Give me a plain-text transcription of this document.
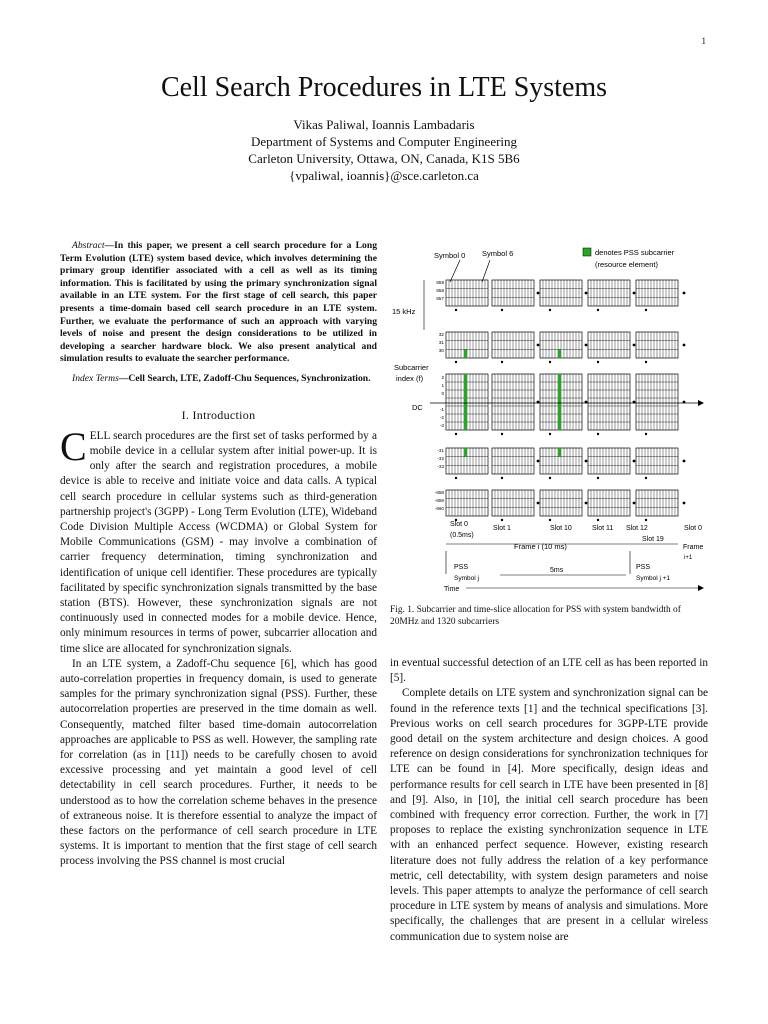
1
Cell Search Procedures in LTE Systems
Vikas Paliwal, Ioannis Lambadaris
Department of Systems and Computer Engineering
Carleton University, Ottawa, ON, Canada, K1S 5B6
{vpaliwal, ioannis}@sce.carleton.ca

Abstract—In this paper, we present a cell search procedure for a Long Term Evolution (LTE) system based device, which involves determining the primary group identifier associated with a cell as well as its timing information. This is facilitated by using the primary synchronization signal available in an LTE system. For the first stage of cell search, this paper presents a time-domain based cell search procedure in an LTE system. Further, we evaluate the performance of such an approach with varying levels of noise and present the design considerations to be utilized in developing a searcher hardware block. We also present analytical and simulation results to evaluate the searcher performance.

Index Terms—Cell Search, LTE, Zadoff-Chu Sequences, Synchronization.

I. Introduction

CELL search procedures are the first set of tasks performed by a mobile device in a cellular system after initial power-up. It is only after the search and registration procedures, a mobile device is able to receive and initiate voice and data calls. A typical cell search procedure in cellular systems such as third-generation partnership project's (3GPP) - Long Term Evolution (LTE), Wideband Code Division Multiple Access (WCDMA) or Global System for Mobile Communications (GSM) - may involve a combination of carrier frequency determination, timing synchronization and identification of unique cell identifier. These procedures are typically facilitated by specific synchronization signals transmitted by the base station (BTS). However, these synchronization signals are not continuously used in connected modes for a mobile device. Hence, only minimum resources in terms of power, subcarrier allocation and time slice are allocated for synchronization signals.

In an LTE system, a Zadoff-Chu sequence [6], which has good auto-correlation properties in frequency domain, is used to generate samples for the primary synchronization signal (PSS). Further, these autocorrelation properties are preserved in the time domain as well. Consequently, matched filter based time-domain autocorrelation approaches are applicable to PSS as well. However, the sampling rate for correlation (as in [11]) needs to be carefully chosen to avoid excessive processing and yet maintain a good level of cell detectability in cell search procedures. Further, it needs to be understood as to how the correlation scheme behaves in the presence of extraneous noise. It is therefore essential to analyze the impact of these factors on the performance of cell search procedure in LTE systems. It is important to mention that the first stage of cell search process involving the PSS channel is most crucial

Symbol 0 Symbol 6	denotes PSS subcarrier
(resource element)
15 kHz
Subcarrier
index (f)
DC
659
658
657
32
31
30
2
1
0
-1
-2
-3
-31
-32
-33
-658
-659
-660
Slot 0
(0.5ms)
Slot 1	Slot 10	Slot 11 Slot 12	Slot 0
Slot 19
Frame i (10 ms)	Frame
i+1
PSS
Symbol j
5ms	PSS
Symbol j +1
Time
Fig. 1. Subcarrier and time-slice allocation for PSS with system bandwidth of 20MHz and 1320 subcarriers

in eventual successful detection of an LTE cell as has been reported in [5].

Complete details on LTE system and synchronization signal can be found in the reference texts [1] and the technical specifications [3]. Previous works on cell search procedures for 3GPP-LTE provide good detail on the system architecture and design choices. A good reference on design considerations for synchronization techniques for LTE can be found in [4]. More specifically, design ideas and performance results for cell search in LTE have been presented in [8] and [9]. Also, in [10], the initial cell search procedure has been combined with frequency error correction. Further, the work in [7] proposes to replace the existing synchronization sequence in LTE with an enhanced perfect sequence. However, existing research literature does not fully address the relation of a key performance metric, cell detectability, with system design parameters and noise levels. This paper attempts to analyze the performance of cell search procedure in LTE system by means of analysis and simulations. More specifically, the challenges that are present in a cellular wireless communication due to system noise are
